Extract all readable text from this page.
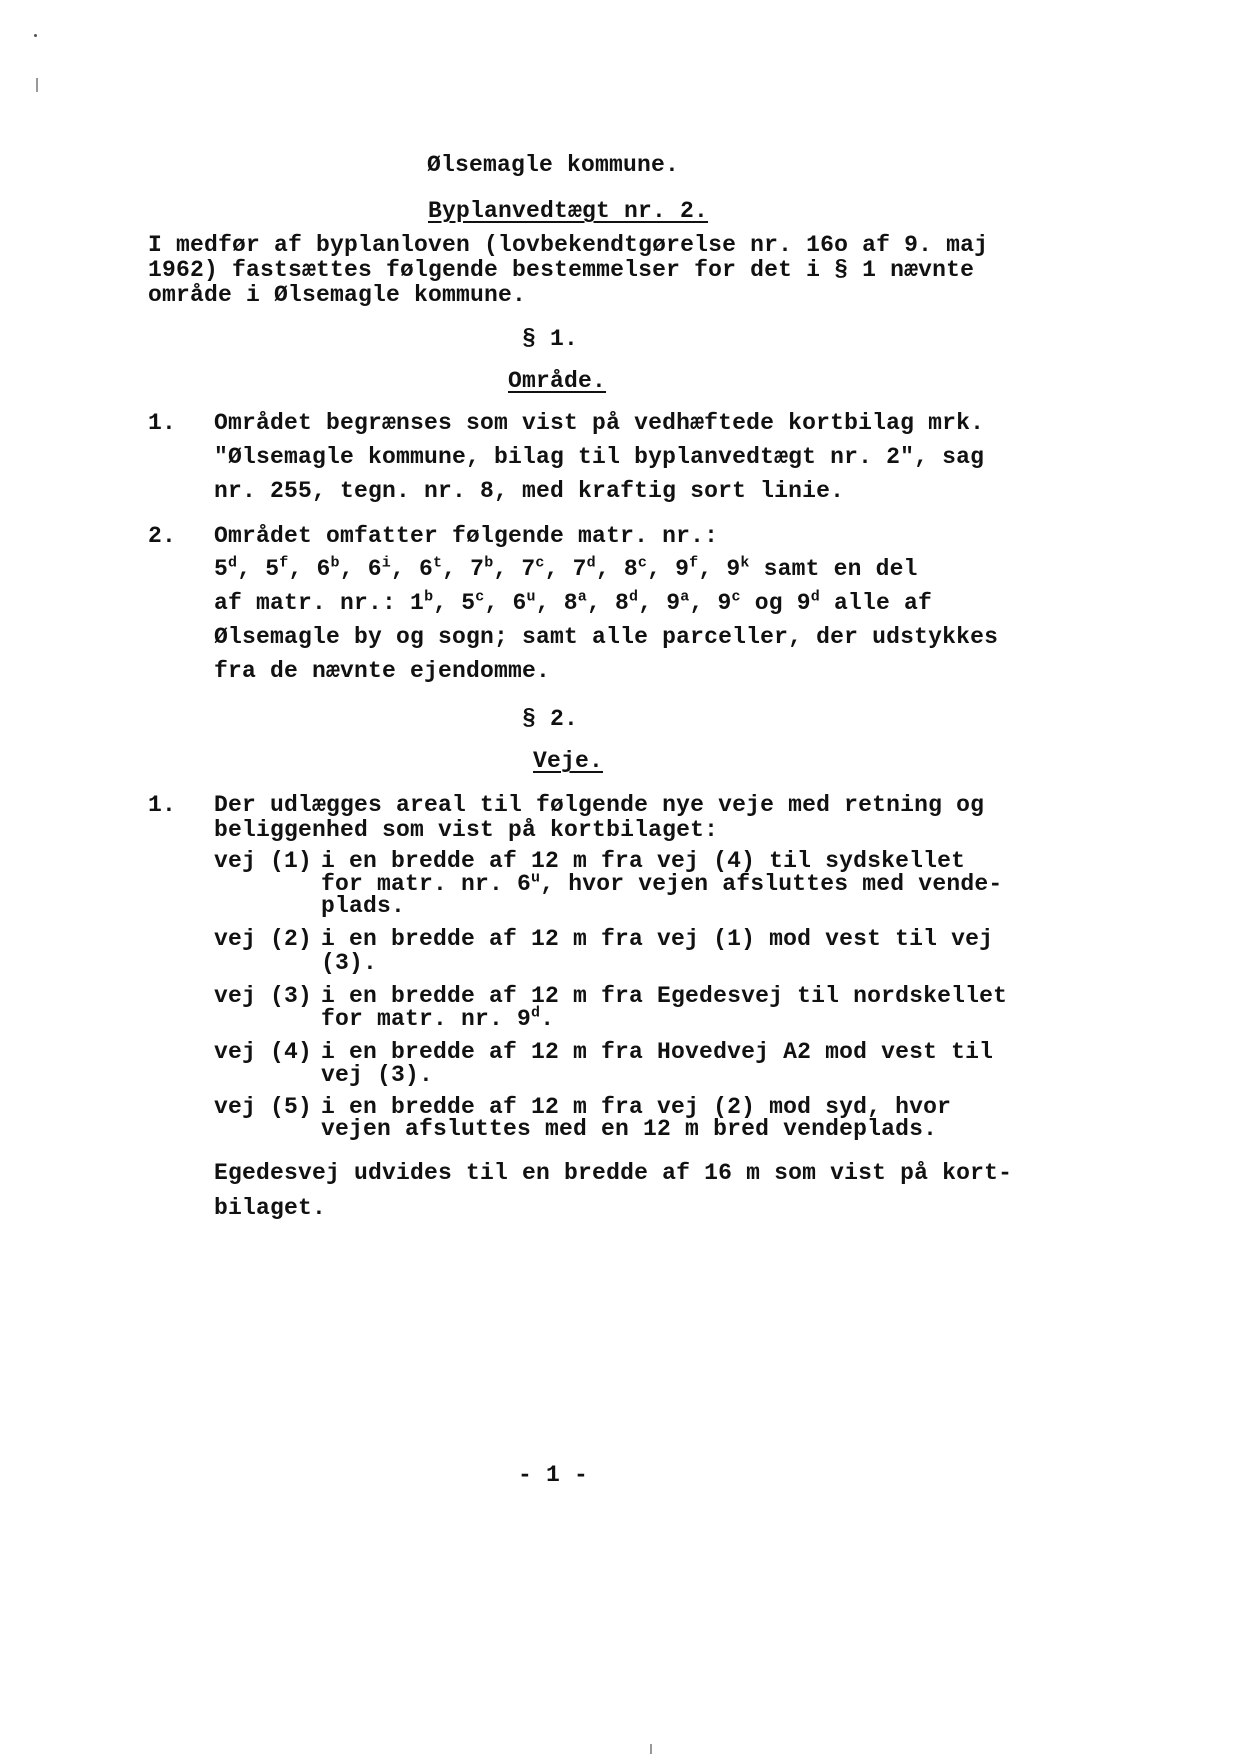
Ølsemagle kommune.
Byplanvedtægt nr. 2.
I medfør af byplanloven (lovbekendtgørelse nr. 16o af 9. maj
1962) fastsættes følgende bestemmelser for det i § 1 nævnte
område i Ølsemagle kommune.
§ 1.
Område.
1. Området begrænses som vist på vedhæftede kortbilag mrk.
"Ølsemagle kommune, bilag til byplanvedtægt nr. 2", sag
nr. 255, tegn. nr. 8, med kraftig sort linie.
2. Området omfatter følgende matr. nr.:
5$^d$, 5$^f$, 6$^b$, 6$^i$, 6$^t$, 7$^b$, 7$^c$, 7$^d$, 8$^c$, 9$^f$, 9$^k$ samt en del
af matr. nr.: 1$^b$, 5$^c$, 6$^u$, 8$^a$, 8$^d$, 9$^a$, 9$^c$ og 9$^d$ alle af
Ølsemagle by og sogn; samt alle parceller, der udstykkes
fra de nævnte ejendomme.
§ 2.
Veje.
1. Der udlægges areal til følgende nye veje med retning og
beliggenhed som vist på kortbilaget:
vej (1) i en bredde af 12 m fra vej (4) til sydskellet
for matr. nr. 6$^u$, hvor vejen afsluttes med vende-
plads.
vej (2) i en bredde af 12 m fra vej (1) mod vest til vej
(3).
vej (3) i en bredde af 12 m fra Egedesvej til nordskellet
for matr. nr. 9$^d$.
vej (4) i en bredde af 12 m fra Hovedvej A2 mod vest til
vej (3).
vej (5) i en bredde af 12 m fra vej (2) mod syd, hvor
vejen afsluttes med en 12 m bred vendeplads.
Egedesvej udvides til en bredde af 16 m som vist på kort-
bilaget.
- 1 -
